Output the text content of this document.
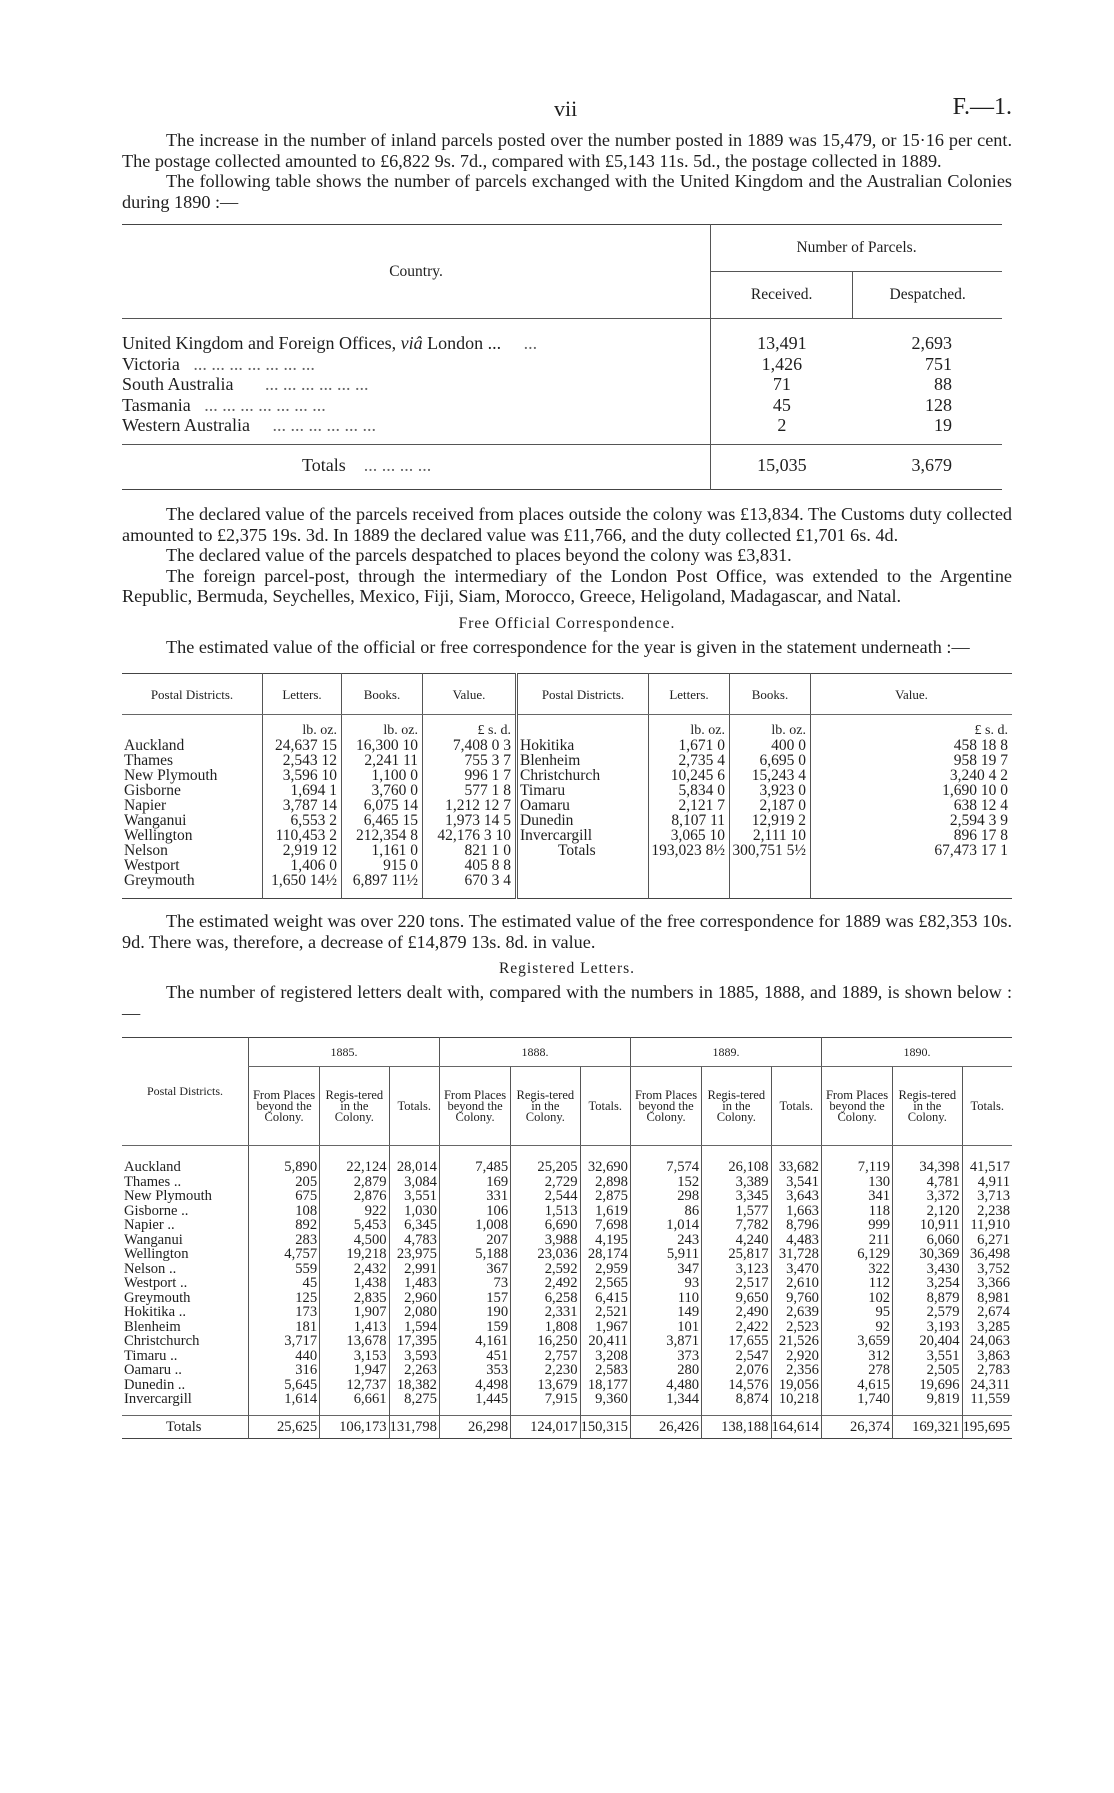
vii	F.—1.

The increase in the number of inland parcels posted over the number posted in 1889 was 15,479, or 15·16 per cent. The postage collected amounted to £6,822 9s. 7d., compared with £5,143 11s. 5d., the postage collected in 1889.

The following table shows the number of parcels exchanged with the United Kingdom and the Australian Colonies during 1890 :—

Country.	Number of Parcels.	
	Received.	Despatched.

United Kingdom and Foreign Offices, viâ London ... ...	13,491	2,693
Victoria ... ... ... ... ... ... ...	1,426	751
South Australia ... ... ... ... ... ...	71	88
Tasmania ... ... ... ... ... ... ...	45	128
Western Australia ... ... ... ... ... ...	2	19
Totals ... ... ... ...	15,035	3,679

The declared value of the parcels received from places outside the colony was £13,834. The Customs duty collected amounted to £2,375 19s. 3d. In 1889 the declared value was £11,766, and the duty collected £1,701 6s. 4d.

The declared value of the parcels despatched to places beyond the colony was £3,831.

The foreign parcel-post, through the intermediary of the London Post Office, was extended to the Argentine Republic, Bermuda, Seychelles, Mexico, Fiji, Siam, Morocco, Greece, Heligoland, Madagascar, and Natal.

Free Official Correspondence.

The estimated value of the official or free correspondence for the year is given in the statement underneath :—

Postal Districts.	Letters.	Books.	Value.	Postal Districts.	Letters.	Books.	Value.
	lb. oz.	lb. oz.	£ s. d.		lb. oz.	lb. oz.	£ s. d.
Auckland	24,637 15	16,300 10	7,408 0 3	Hokitika	1,671 0	400 0	458 18 8
Thames	2,543 12	2,241 11	755 3 7	Blenheim	2,735 4	6,695 0	958 19 7
New Plymouth	3,596 10	1,100 0	996 1 7	Christchurch	10,245 6	15,243 4	3,240 4 2
Gisborne	1,694 1	3,760 0	577 1 8	Timaru	5,834 0	3,923 0	1,690 10 0
Napier	3,787 14	6,075 14	1,212 12 7	Oamaru	2,121 7	2,187 0	638 12 4
Wanganui	6,553 2	6,465 15	1,973 14 5	Dunedin	8,107 11	12,919 2	2,594 3 9
Wellington	110,453 2	212,354 8	42,176 3 10	Invercargill	3,065 10	2,111 10	896 17 8
Nelson	2,919 12	1,161 0	821 1 0	Totals	193,023 8½	300,751 5½	67,473 17 1
Westport	1,406 0	915 0	405 8 8				
Greymouth	1,650 14½	6,897 11½	670 3 4				

The estimated weight was over 220 tons. The estimated value of the free correspondence for 1889 was £82,353 10s. 9d. There was, therefore, a decrease of £14,879 13s. 8d. in value.

Registered Letters.

The number of registered letters dealt with, compared with the numbers in 1885, 1888, and 1889, is shown below :—

Postal Districts.	1885.			1888.			1889.			1890.		
	From Places beyond the Colony.	Regis-tered in the Colony.	Totals.	From Places beyond the Colony.	Regis-tered in the Colony.	Totals.	From Places beyond the Colony.	Regis-tered in the Colony.	Totals.	From Places beyond the Colony.	Regis-tered in the Colony.	Totals.

Auckland	5,890	22,124	28,014	7,485	25,205	32,690	7,574	26,108	33,682	7,119	34,398	41,517
Thames ..	205	2,879	3,084	169	2,729	2,898	152	3,389	3,541	130	4,781	4,911
New Plymouth	675	2,876	3,551	331	2,544	2,875	298	3,345	3,643	341	3,372	3,713
Gisborne ..	108	922	1,030	106	1,513	1,619	86	1,577	1,663	118	2,120	2,238
Napier ..	892	5,453	6,345	1,008	6,690	7,698	1,014	7,782	8,796	999	10,911	11,910
Wanganui	283	4,500	4,783	207	3,988	4,195	243	4,240	4,483	211	6,060	6,271
Wellington	4,757	19,218	23,975	5,188	23,036	28,174	5,911	25,817	31,728	6,129	30,369	36,498
Nelson ..	559	2,432	2,991	367	2,592	2,959	347	3,123	3,470	322	3,430	3,752
Westport ..	45	1,438	1,483	73	2,492	2,565	93	2,517	2,610	112	3,254	3,366
Greymouth	125	2,835	2,960	157	6,258	6,415	110	9,650	9,760	102	8,879	8,981
Hokitika ..	173	1,907	2,080	190	2,331	2,521	149	2,490	2,639	95	2,579	2,674
Blenheim	181	1,413	1,594	159	1,808	1,967	101	2,422	2,523	92	3,193	3,285
Christchurch	3,717	13,678	17,395	4,161	16,250	20,411	3,871	17,655	21,526	3,659	20,404	24,063
Timaru ..	440	3,153	3,593	451	2,757	3,208	373	2,547	2,920	312	3,551	3,863
Oamaru ..	316	1,947	2,263	353	2,230	2,583	280	2,076	2,356	278	2,505	2,783
Dunedin ..	5,645	12,737	18,382	4,498	13,679	18,177	4,480	14,576	19,056	4,615	19,696	24,311
Invercargill	1,614	6,661	8,275	1,445	7,915	9,360	1,344	8,874	10,218	1,740	9,819	11,559

Totals	25,625	106,173	131,798	26,298	124,017	150,315	26,426	138,188	164,614	26,374	169,321	195,695
